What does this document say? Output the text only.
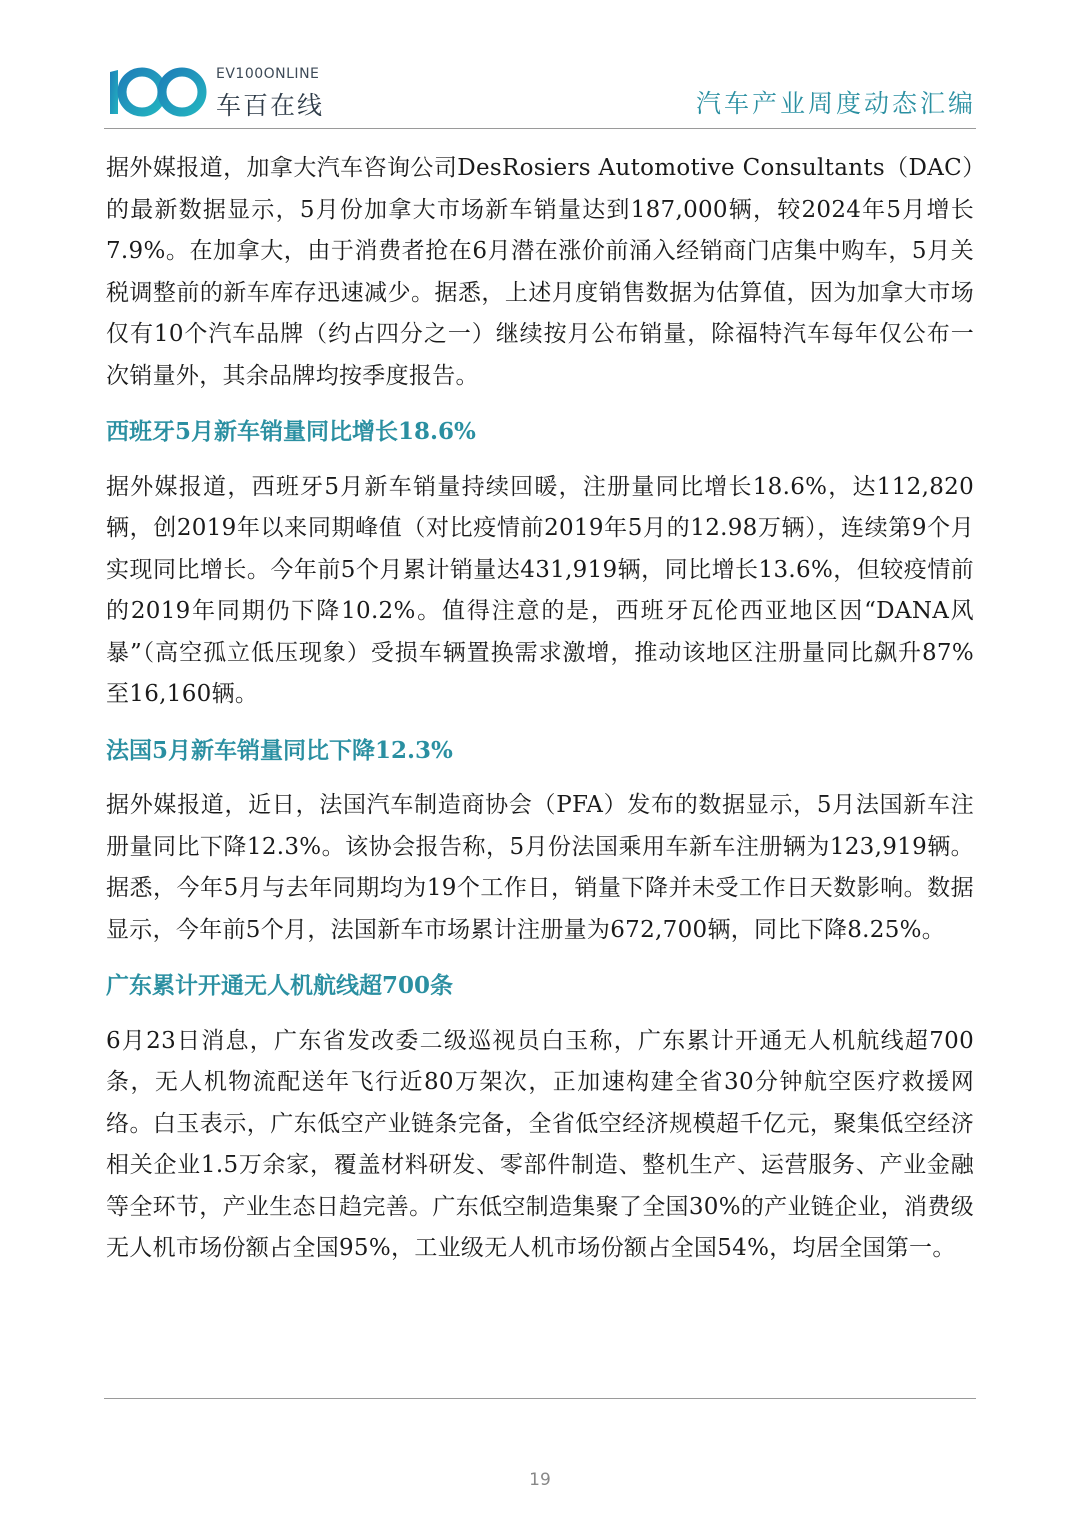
EV100ONLINE
车百在线	汽车产业周度动态汇编

据外媒报道，加拿大汽车咨询公司DesRosiers Automotive Consultants（DAC）的最新数据显示，5月份加拿大市场新车销量达到187,000辆，较2024年5月增长7.9%。在加拿大，由于消费者抢在6月潜在涨价前涌入经销商门店集中购车，5月关税调整前的新车库存迅速减少。据悉，上述月度销售数据为估算值，因为加拿大市场仅有10个汽车品牌（约占四分之一）继续按月公布销量，除福特汽车每年仅公布一次销量外，其余品牌均按季度报告。

西班牙5月新车销量同比增长18.6%

据外媒报道，西班牙5月新车销量持续回暖，注册量同比增长18.6%，达112,820辆，创2019年以来同期峰值（对比疫情前2019年5月的12.98万辆），连续第9个月实现同比增长。今年前5个月累计销量达431,919辆，同比增长13.6%，但较疫情前的2019年同期仍下降10.2%。值得注意的是，西班牙瓦伦西亚地区因“DANA风暴”（高空孤立低压现象）受损车辆置换需求激增，推动该地区注册量同比飙升87%至16,160辆。

法国5月新车销量同比下降12.3%

据外媒报道，近日，法国汽车制造商协会（PFA）发布的数据显示，5月法国新车注册量同比下降12.3%。该协会报告称，5月份法国乘用车新车注册辆为123,919辆。据悉，今年5月与去年同期均为19个工作日，销量下降并未受工作日天数影响。数据显示，今年前5个月，法国新车市场累计注册量为672,700辆，同比下降8.25%。

广东累计开通无人机航线超700条

6月23日消息，广东省发改委二级巡视员白玉称，广东累计开通无人机航线超700条，无人机物流配送年飞行近80万架次，正加速构建全省30分钟航空医疗救援网络。白玉表示，广东低空产业链条完备，全省低空经济规模超千亿元，聚集低空经济相关企业1.5万余家，覆盖材料研发、零部件制造、整机生产、运营服务、产业金融等全环节，产业生态日趋完善。广东低空制造集聚了全国30%的产业链企业，消费级无人机市场份额占全国95%，工业级无人机市场份额占全国54%，均居全国第一。

19
